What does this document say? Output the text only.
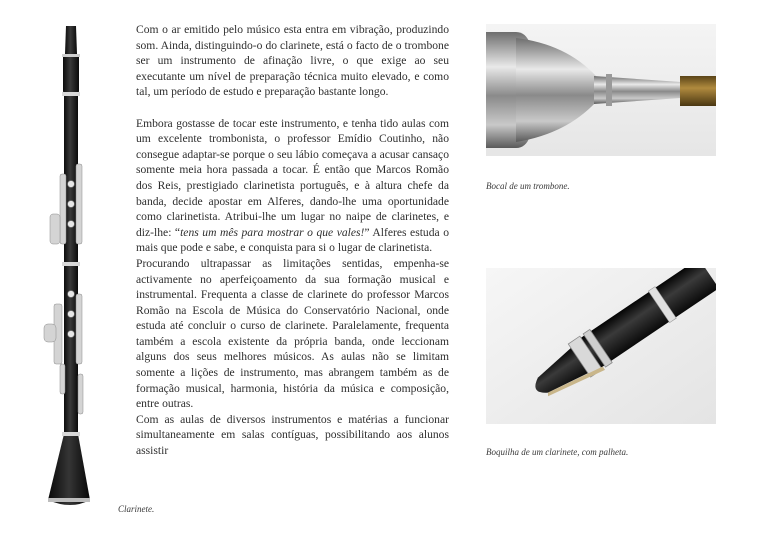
Clarinete.

Com o ar emitido pelo músico esta entra em vibração, produzindo som. Ainda, distinguindo-o do clarinete, está o facto de o trombone ser um instrumento de afinação livre, o que exige ao seu executante um nível de preparação técnica muito elevado, e como tal, um período de estudo e preparação bastante longo.

Embora gostasse de tocar este instrumento, e tenha tido aulas com um excelente trombonista, o professor Emídio Coutinho, não consegue adaptar-se porque o seu lábio começava a acusar cansaço somente meia hora passada a tocar. É então que Marcos Romão dos Reis, prestigiado clarinetista português, e à altura chefe da banda, decide apostar em Alferes, dando-lhe uma oportunidade como clarinetista. Atribui-lhe um lugar no naipe de clarinetes, e diz-lhe: “tens um mês para mostrar o que vales!” Alferes estuda o mais que pode e sabe, e conquista para si o lugar de clarinetista.

Procurando ultrapassar as limitações sentidas, empenha-se activamente no aperfeiçoamento da sua formação musical e instrumental. Frequenta a classe de clarinete do professor Marcos Romão na Escola de Música do Conservatório Nacional, onde estuda até concluir o curso de clarinete. Paralelamente, frequenta também a escola existente da própria banda, onde leccionam alguns dos seus melhores músicos. As aulas não se limitam somente a lições de instrumento, mas abrangem também as de formação musical, harmonia, história da música e composição, entre outras.

Com as aulas de diversos instrumentos e matérias a funcionar simultaneamente em salas contíguas, possibilitando aos alunos assistir

Bocal de um trombone.
Boquilha de um clarinete, com palheta.
